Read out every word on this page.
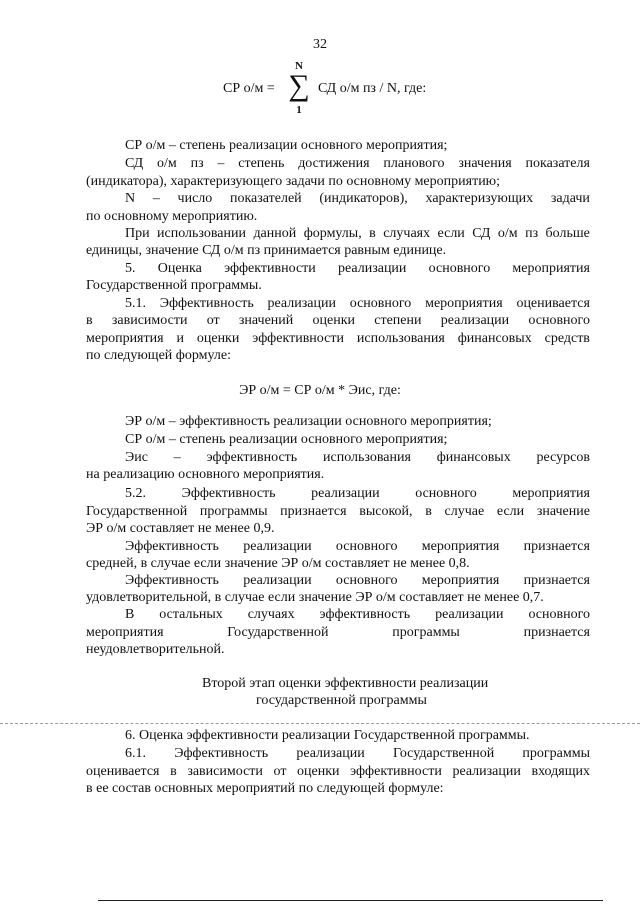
32
СР о/м =
N
∑
1
СД о/м пз / N, где:
СР о/м – степень реализации основного мероприятия;
СД о/м пз – степень достижения планового значения показателя
(индикатора), характеризующего задачи по основному мероприятию;
N – число показателей (индикаторов), характеризующих задачи
по основному мероприятию.
При использовании данной формулы, в случаях если СД о/м пз больше
единицы, значение СД о/м пз принимается равным единице.
5. Оценка эффективности реализации основного мероприятия
Государственной программы.
5.1. Эффективность реализации основного мероприятия оценивается
в зависимости от значений оценки степени реализации основного
мероприятия и оценки эффективности использования финансовых средств
по следующей формуле:
ЭР о/м = СР о/м * Эис, где:
ЭР о/м – эффективность реализации основного мероприятия;
СР о/м – степень реализации основного мероприятия;
Эис – эффективность использования финансовых ресурсов
на реализацию основного мероприятия.
5.2.	Эффективность	реализации	основного	мероприятия
Государственной программы признается высокой, в случае если значение
ЭР о/м составляет не менее 0,9.
Эффективность реализации основного мероприятия признается
средней, в случае если значение ЭР о/м составляет не менее 0,8.
Эффективность реализации основного мероприятия признается
удовлетворительной, в случае если значение ЭР о/м составляет не менее 0,7.
В остальных случаях эффективность реализации основного
мероприятия	Государственной	программы	признается
неудовлетворительной.
Второй этап оценки эффективности реализации
государственной программы
6. Оценка эффективности реализации Государственной программы.
6.1. Эффективность реализации Государственной программы
оценивается в зависимости от оценки эффективности реализации входящих
в ее состав основных мероприятий по следующей формуле:
